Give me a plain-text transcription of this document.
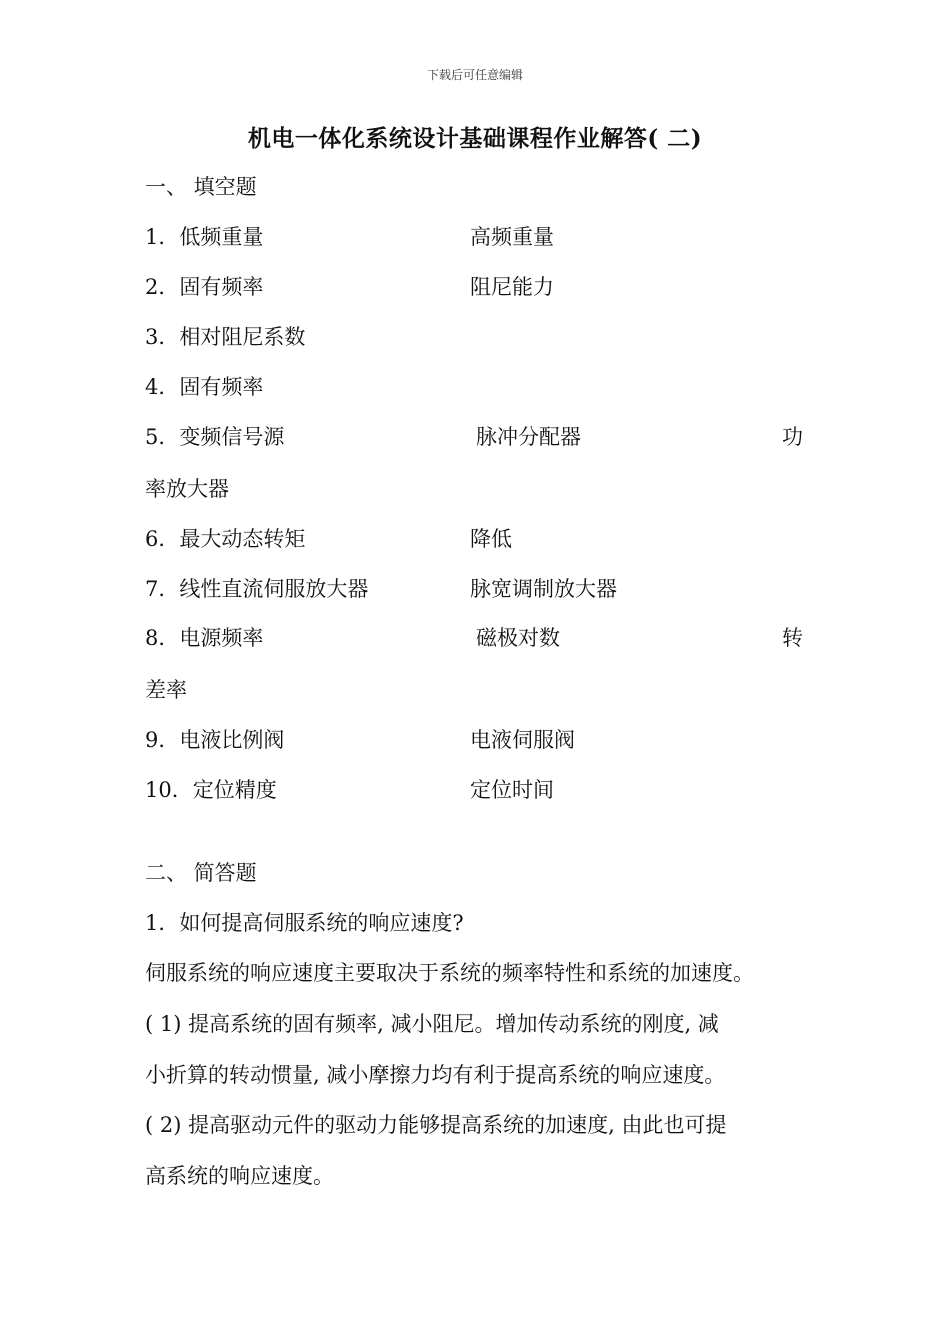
下载后可任意编辑
机电一体化系统设计基础课程作业解答( 二)
一、 填空题
1．低频重量	高频重量
2．固有频率	阻尼能力
3．相对阻尼系数
4．固有频率
5．变频信号源	脉冲分配器	功
率放大器
6．最大动态转矩	降低
7．线性直流伺服放大器	脉宽调制放大器
8．电源频率	磁极对数	转
差率
9．电液比例阀	电液伺服阀
10．定位精度	定位时间
二、 简答题
1．如何提高伺服系统的响应速度?
伺服系统的响应速度主要取决于系统的频率特性和系统的加速度。
( 1) 提高系统的固有频率, 减小阻尼。增加传动系统的刚度, 减
小折算的转动惯量, 减小摩擦力均有利于提高系统的响应速度。
( 2) 提高驱动元件的驱动力能够提高系统的加速度, 由此也可提
高系统的响应速度。
